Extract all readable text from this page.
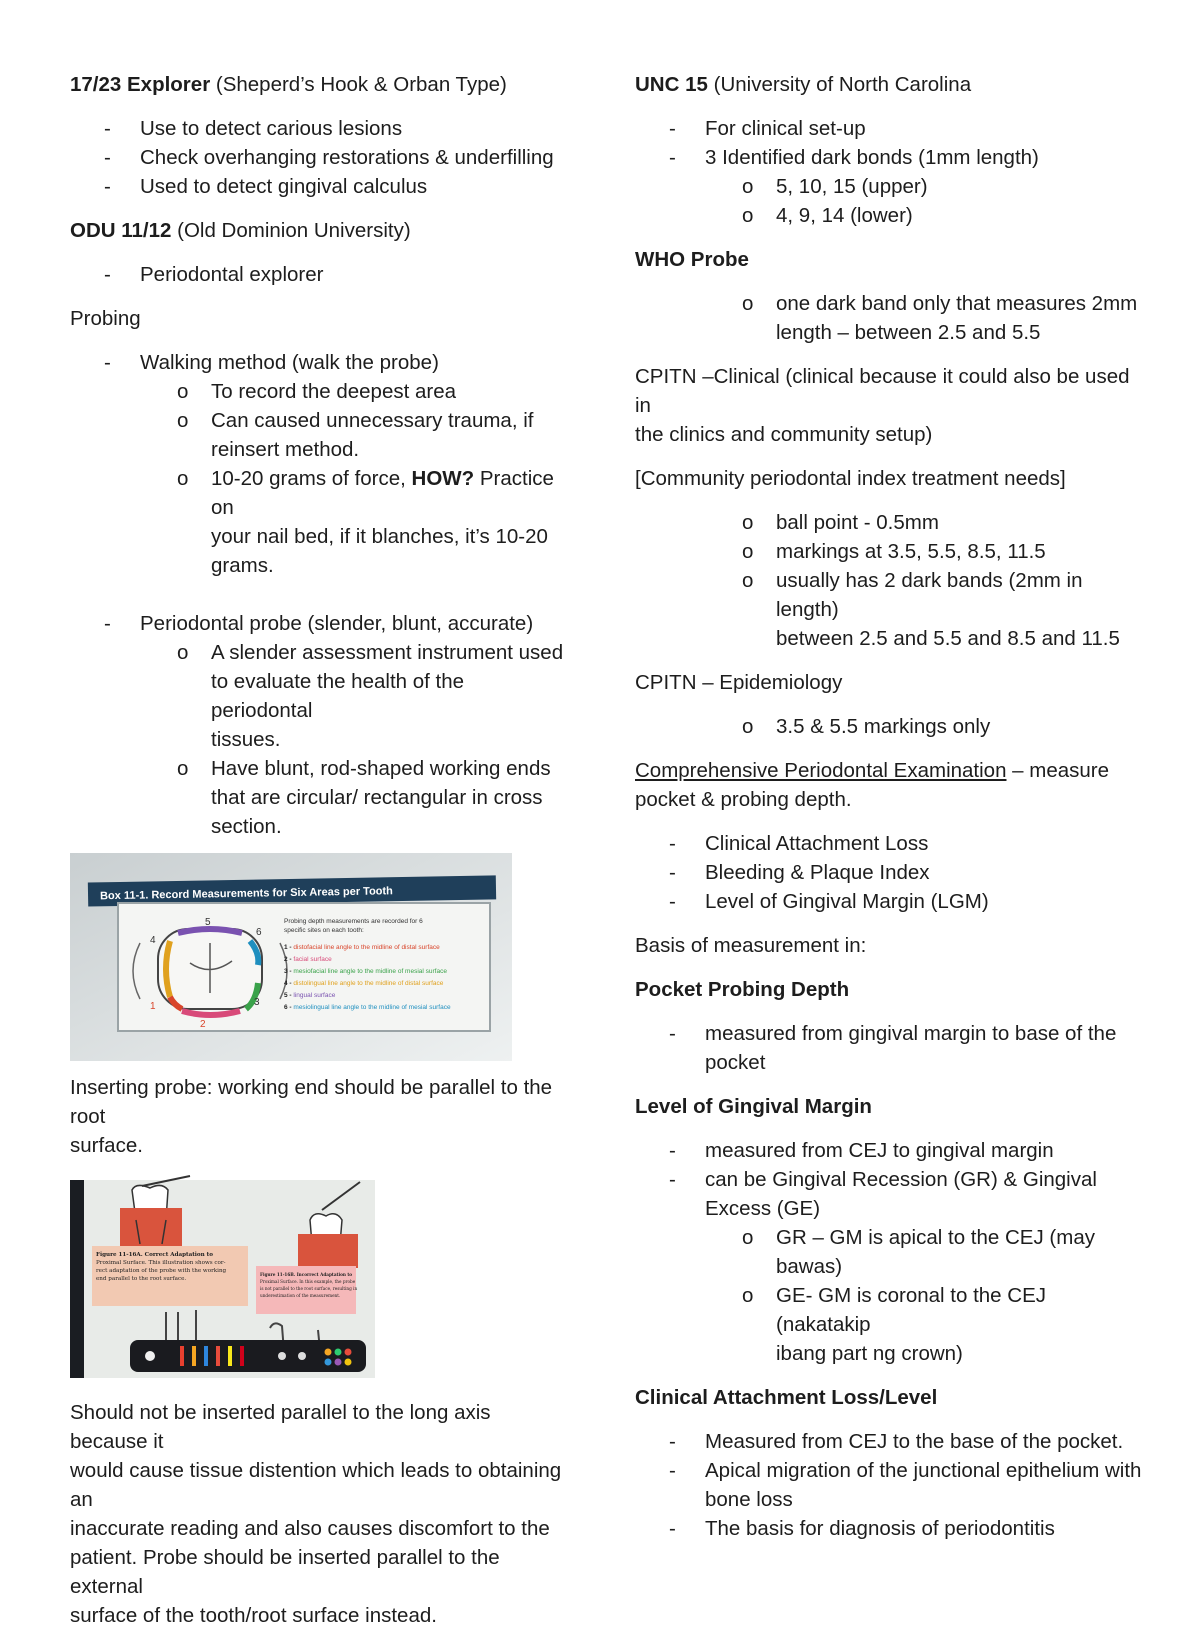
17/23 Explorer (Sheperd’s Hook & Orban Type)
- Use to detect carious lesions
- Check overhanging restorations & underfilling
- Used to detect gingival calculus
ODU 11/12 (Old Dominion University)
- Periodontal explorer
Probing
- Walking method (walk the probe)
o To record the deepest area
o Can caused unnecessary trauma, if
reinsert method.
o 10-20 grams of force, HOW? Practice on
your nail bed, if it blanches, it’s 10-20
grams.
- Periodontal probe (slender, blunt, accurate)
o A slender assessment instrument used
to evaluate the health of the periodontal
tissues.
o Have blunt, rod-shaped working ends
that are circular/ rectangular in cross
section.
Box 11-1. Record Measurements for Six Areas per Tooth
5
4
6
1	3
2
Probing depth measurements are recorded for 6
specific sites on each tooth:
1 - distofacial line angle to the midline of distal surface
2 - facial surface
3 - mesiofacial line angle to the midline of mesial surface
4 - distolingual line angle to the midline of distal surface
5 - lingual surface
6 - mesiolingual line angle to the midline of mesial surface
Inserting probe: working end should be parallel to the root
surface.
Figure 11-16A. Correct Adaptation to
Proximal Surface. This illustration shows cor-
rect adaptation of the probe with the working
end parallel to the root surface.
Figure 11-16B. Incorrect Adaptation to
Proximal Surface. In this example, the probe
is not parallel to the root surface, resulting in
underestimation of the measurement.
Should not be inserted parallel to the long axis because it
would cause tissue distention which leads to obtaining an
inaccurate reading and also causes discomfort to the
patient. Probe should be inserted parallel to the external
surface of the tooth/root surface instead.
UNC 15 (University of North Carolina
- For clinical set-up
- 3 Identified dark bonds (1mm length)
o 5, 10, 15 (upper)
o 4, 9, 14 (lower)
WHO Probe
o one dark band only that measures 2mm
length – between 2.5 and 5.5
CPITN –Clinical (clinical because it could also be used in
the clinics and community setup)
[Community periodontal index treatment needs]
o ball point - 0.5mm
o markings at 3.5, 5.5, 8.5, 11.5
o usually has 2 dark bands (2mm in length)
between 2.5 and 5.5 and 8.5 and 11.5
CPITN – Epidemiology
o 3.5 & 5.5 markings only
Comprehensive Periodontal Examination – measure
pocket & probing depth.
- Clinical Attachment Loss
- Bleeding & Plaque Index
- Level of Gingival Margin (LGM)
Basis of measurement in:
Pocket Probing Depth
- measured from gingival margin to base of the
pocket
Level of Gingival Margin
- measured from CEJ to gingival margin
- can be Gingival Recession (GR) & Gingival
Excess (GE)
o GR – GM is apical to the CEJ (may
bawas)
o GE- GM is coronal to the CEJ (nakatakip
ibang part ng crown)
Clinical Attachment Loss/Level
- Measured from CEJ to the base of the pocket.
- Apical migration of the junctional epithelium with
bone loss
- The basis for diagnosis of periodontitis
